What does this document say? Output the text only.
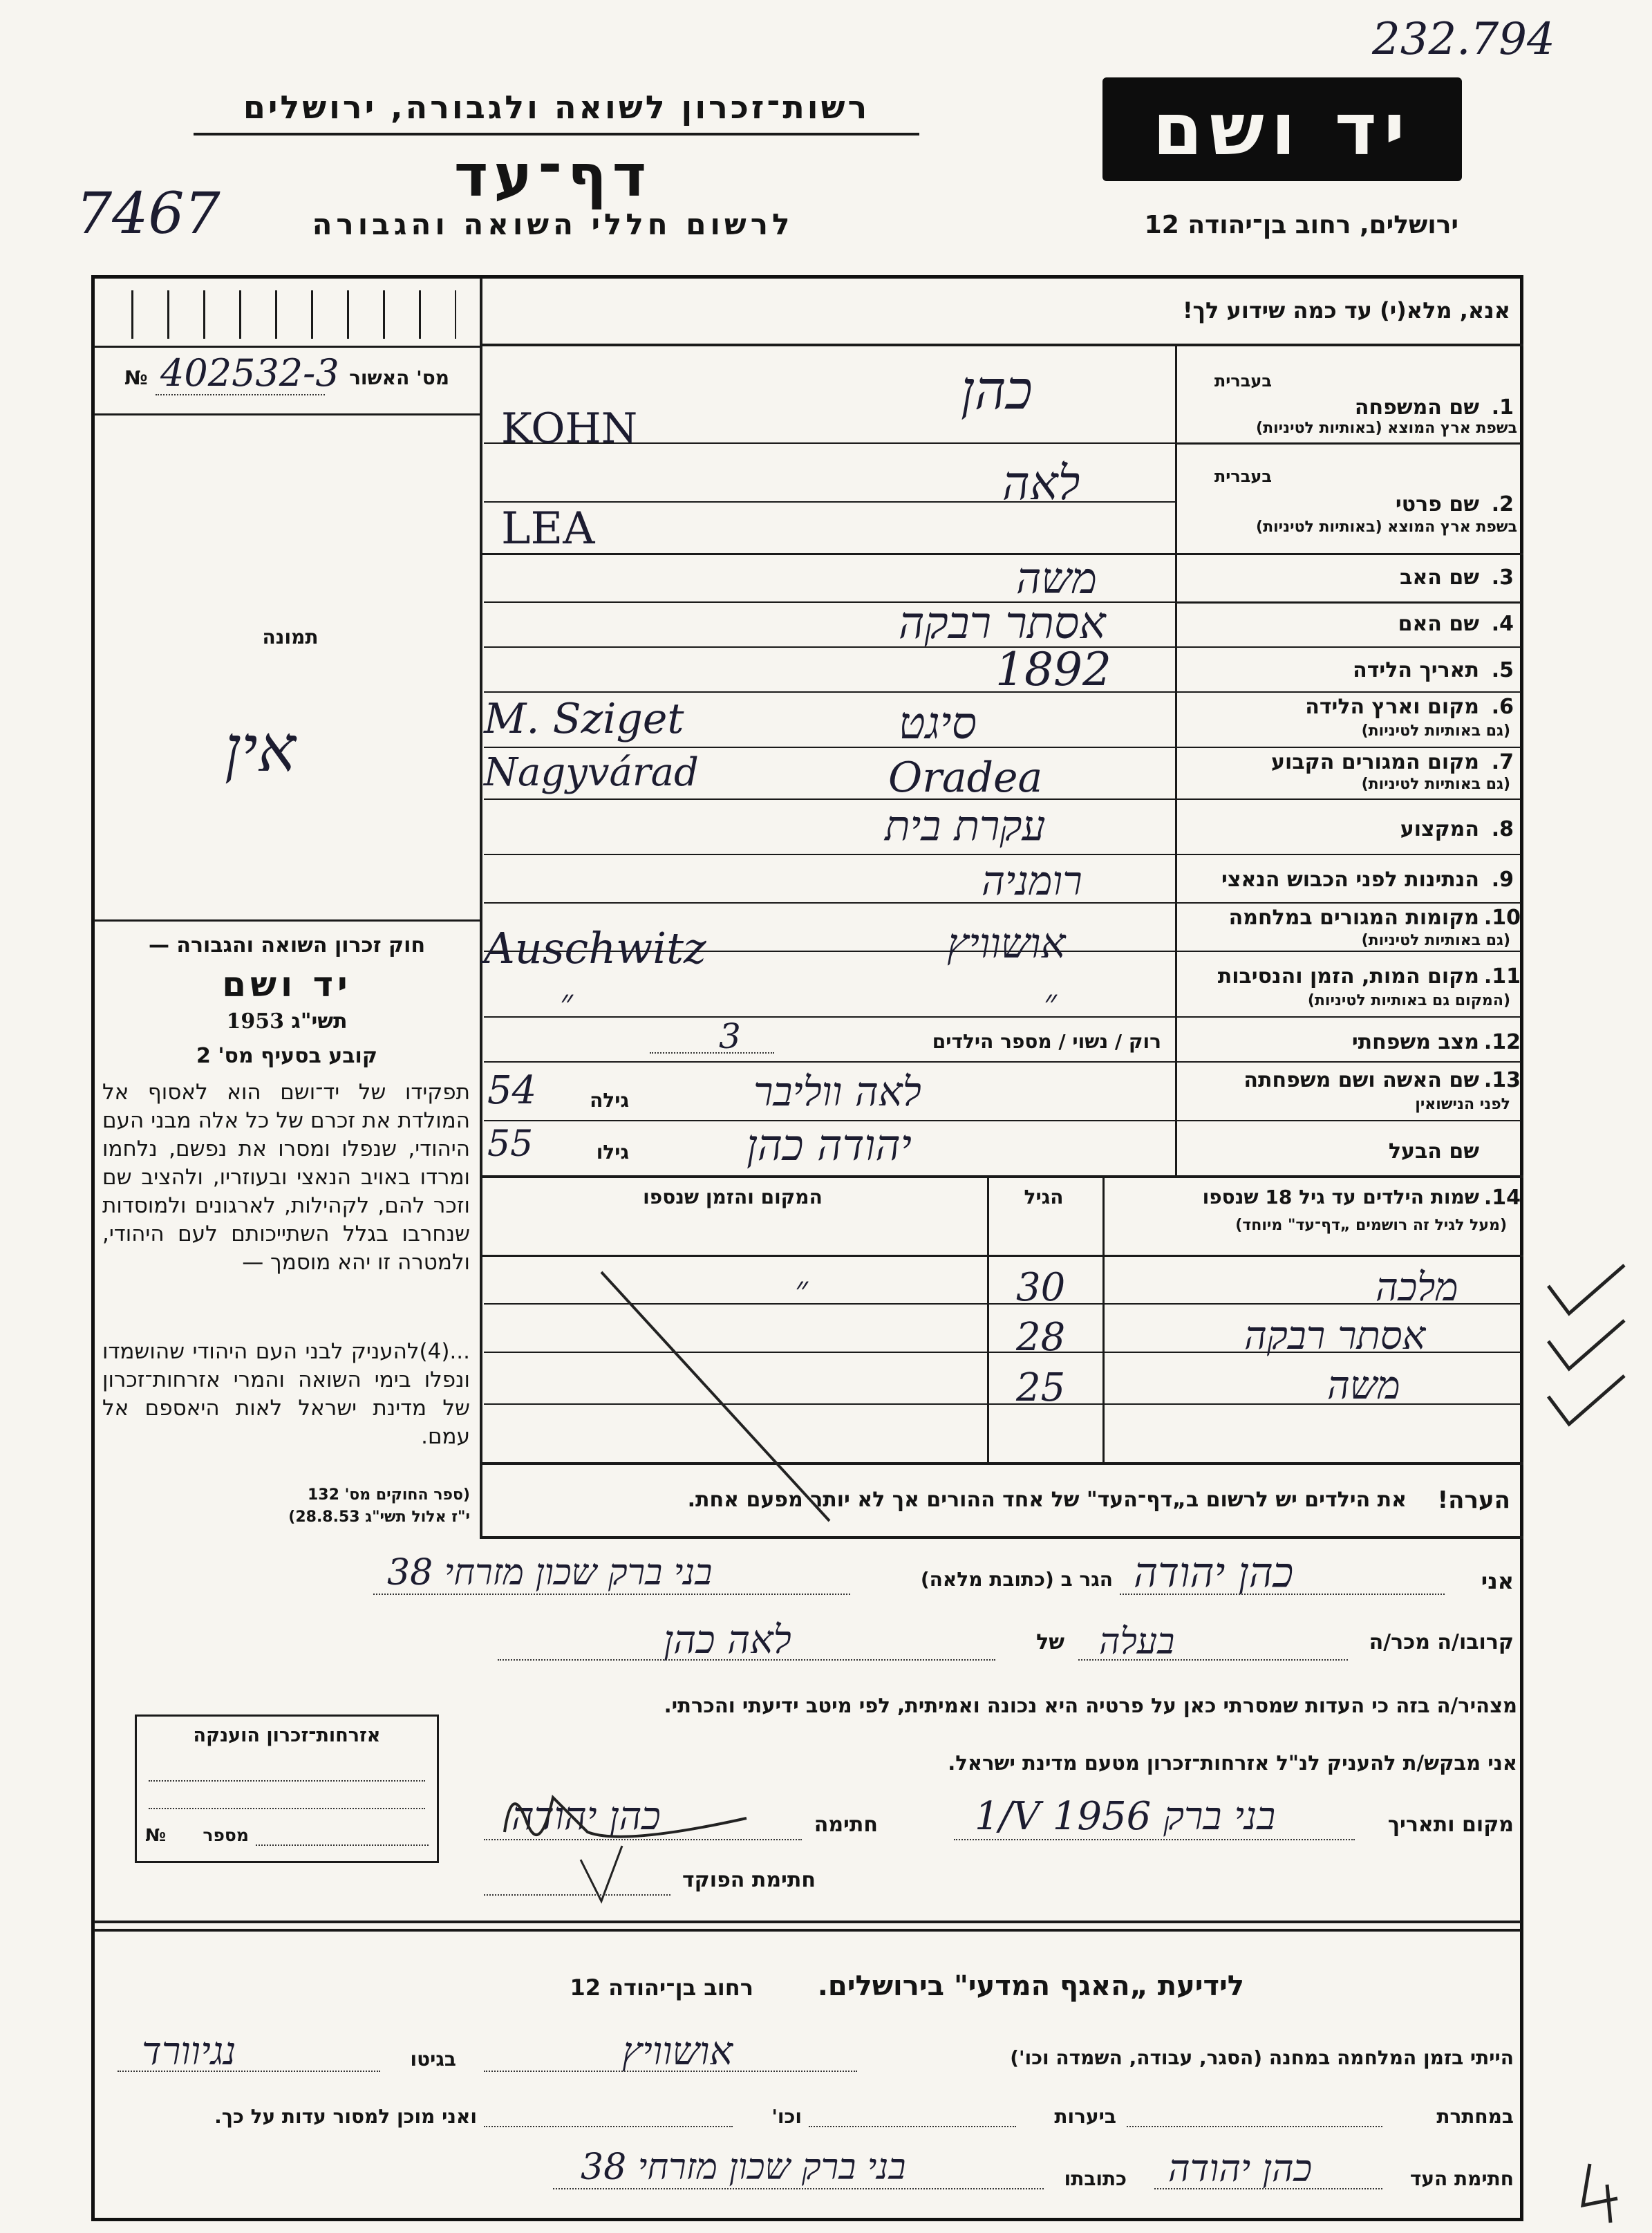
232.794
רשות־זכרון לשואה ולגבורה, ירושלים
דף־עד
לרשום חללי השואה והגבורה
7467
יד ושם
ירושלים, רחוב בן־יהודה 12
אנא, מלא(י) עד כמה שידוע לך!
מס' האשור
№ 402532-3
תמונה
אין
חוק זכרון השואה והגבורה —
יד ושם
תשי"ג 1953
קובע בסעיף מס' 2
תפקידו של יד־ושם הוא לאסוף אל המולדת את זכרם של כל אלה מבני העם היהודי, שנפלו ומסרו את נפשם, נלחמו ומרדו באויב הנאצי ובעוזריו, ולהציב שם וזכר להם, לקהילות, לארגונים ולמוסדות שנחרבו בגלל השתייכותם לעם היהודי, ולמטרה זו יהא מוסמך —
...(4)להעניק לבני העם היהודי שהושמדו ונפלו בימי השואה והמרי אזרחות־זכרון של מדינת ישראל לאות היאספם אל עמם.
(ספר החוקים מס' 132
י"ז אלול תשי"ג 28.8.53)
בעברית
1.
שם המשפחה
בשפת ארץ המוצא (באותיות לטיניות)
כהן
KOHN
בעברית
2.
שם פרטי
בשפת ארץ המוצא (באותיות לטיניות)
לאה
LEA
3.
שם האב
משה
4.
שם האם
אסתר רבקה
5.
תאריך הלידה
1892
6.
מקום וארץ הלידה
(גם באותיות לטיניות)
סיגט
M. Sziget
7.
מקום המגורים הקבוע
(גם באותיות לטיניות)
Oradea
Nagyvárad
8.
המקצוע
עקרת בית
9.
הנתינות לפני הכבוש הנאצי
רומניה
10.
מקומות המגורים במלחמה
(גם באותיות לטיניות)
אושוויץ
Auschwitz
11.
מקום המות, הזמן והנסיבות
(המקום גם באותיות לטיניות)
״
״
12.
מצב משפחתי
רוק / נשוי / מספר הילדים
3
13.
שם האשה ושם משפחתה
לפני הנישואין
גילה
54	לאה ווליבר
שם הבעל
גילו
55	יהודה כהן
14.
שמות הילדים עד גיל 18 שנספו
(מעל לגיל זה רושמים „דף־עד" מיוחד)
הגיל
המקום והזמן שנספו
מלכה
30
״
אסתר רבקה
28
משה
25
הערה!
את הילדים יש לרשום ב„דף־העד" של אחד ההורים אך לא יותר מפעם אחת.
אני
כהן יהודה
הגר ב (כתובת מלאה)
בני ברק שכון מזרחי 38
קרובו/ה מכר/ה
בעלה
של
לאה כהן
מצהיר/ה בזה כי העדות שמסרתי כאן על פרטיה היא נכונה ואמיתית, לפי מיטב ידיעתי והכרתי.
אני מבקש/ת להעניק לנ"ל אזרחות־זכרון מטעם מדינת ישראל.
מקום ותאריך
1/V 1956 בני ברק
חתימה
כהן יהודה
חתימת הפוקד
אזרחות־זכרון הוענקה
מספר
№
לידיעת „האגף המדעי" בירושלים.
רחוב בן־יהודה 12
הייתי בזמן המלחמה במחנה (הסגר, עבודה, השמדה וכו')
אושוויץ
בגיטו
נגיוורד
במחתרת
ביערות
וכו'
ואני מוכן למסור עדות על כך.
חתימת העד
כהן יהודה
כתובתו
בני ברק שכון מזרחי 38
